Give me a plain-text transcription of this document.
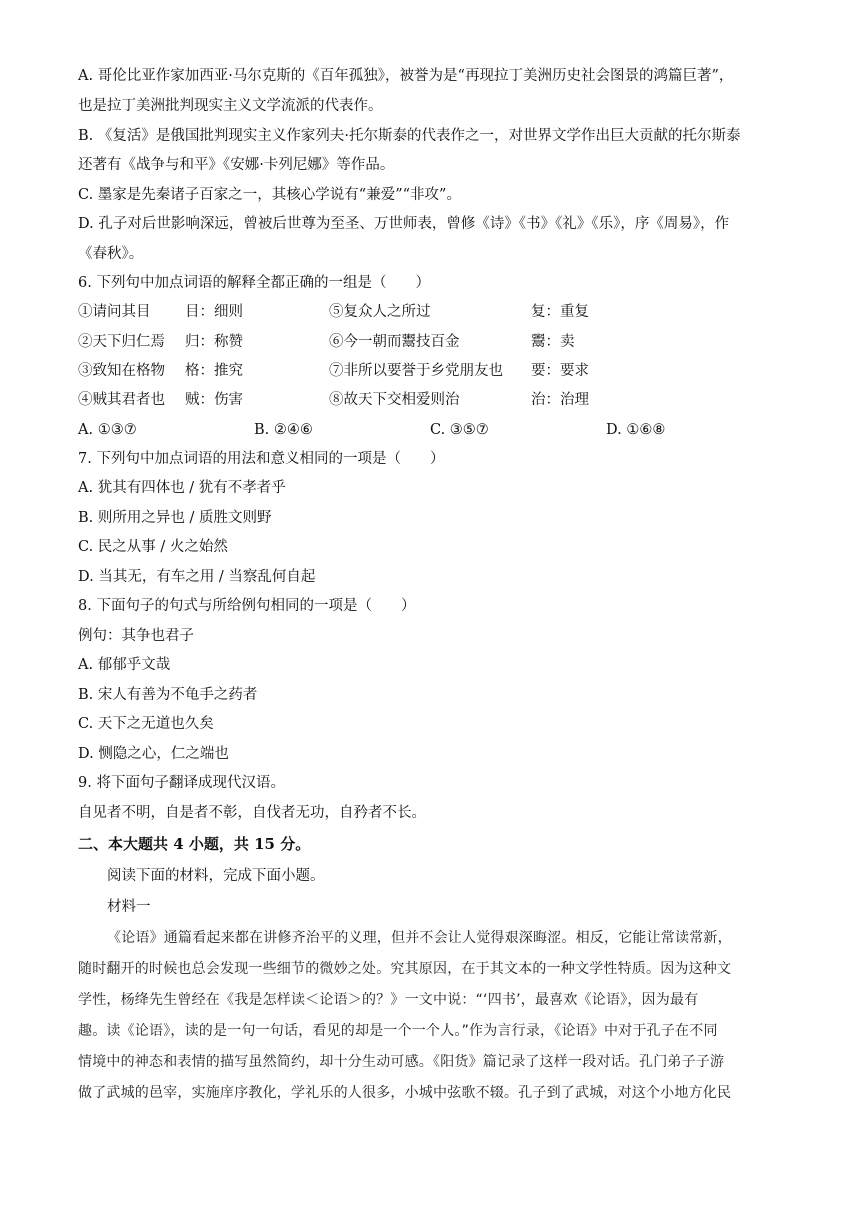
A. 哥伦比亚作家加西亚·马尔克斯的《百年孤独》，被誉为是“再现拉丁美洲历史社会图景的鸿篇巨著”，
也是拉丁美洲批判现实主义文学流派的代表作。
B. 《复活》是俄国批判现实主义作家列夫·托尔斯泰的代表作之一，对世界文学作出巨大贡献的托尔斯泰
还著有《战争与和平》《安娜·卡列尼娜》等作品。
C. 墨家是先秦诸子百家之一，其核心学说有“兼爱”“非攻”。
D. 孔子对后世影响深远，曾被后世尊为至圣、万世师表，曾修《诗》《书》《礼》《乐》，序《周易》，作
《春秋》。
6. 下列句中加点词语的解释全都正确的一组是（　　）
①请问其目 目：细则	⑤复众人之所过	复：重复
②天下归仁焉 归：称赞	⑥今一朝而鬻技百金	鬻：卖
③致知在格物 格：推究	⑦非所以要誉于乡党朋友也 要：要求
④贼其君者也 贼：伤害	⑧故天下交相爱则治	治：治理
A. ①③⑦	B. ②④⑥	C. ③⑤⑦	D. ①⑥⑧
7. 下列句中加点词语的用法和意义相同的一项是（　　）
A. 犹其有四体也 / 犹有不孝者乎
B. 则所用之异也 / 质胜文则野
C. 民之从事 / 火之始然
D. 当其无，有车之用 / 当察乱何自起
8. 下面句子的句式与所给例句相同的一项是（　　）
例句：其争也君子
A. 郁郁乎文哉
B. 宋人有善为不龟手之药者
C. 天下之无道也久矣
D. 恻隐之心，仁之端也
9. 将下面句子翻译成现代汉语。
自见者不明，自是者不彰，自伐者无功，自矜者不长。
二、本大题共 4 小题，共 15 分。
阅读下面的材料，完成下面小题。
材料一
《论语》通篇看起来都在讲修齐治平的义理，但并不会让人觉得艰深晦涩。相反，它能让常读常新，
随时翻开的时候也总会发现一些细节的微妙之处。究其原因，在于其文本的一种文学性特质。因为这种文
学性，杨绛先生曾经在《我是怎样读＜论语＞的？》一文中说：“‘四书’，最喜欢《论语》，因为最有
趣。读《论语》，读的是一句一句话，看见的却是一个一个人。”作为言行录，《论语》中对于孔子在不同
情境中的神态和表情的描写虽然简约，却十分生动可感。《阳货》篇记录了这样一段对话。孔门弟子子游
做了武城的邑宰，实施庠序教化，学礼乐的人很多，小城中弦歌不辍。孔子到了武城，对这个小地方化民
